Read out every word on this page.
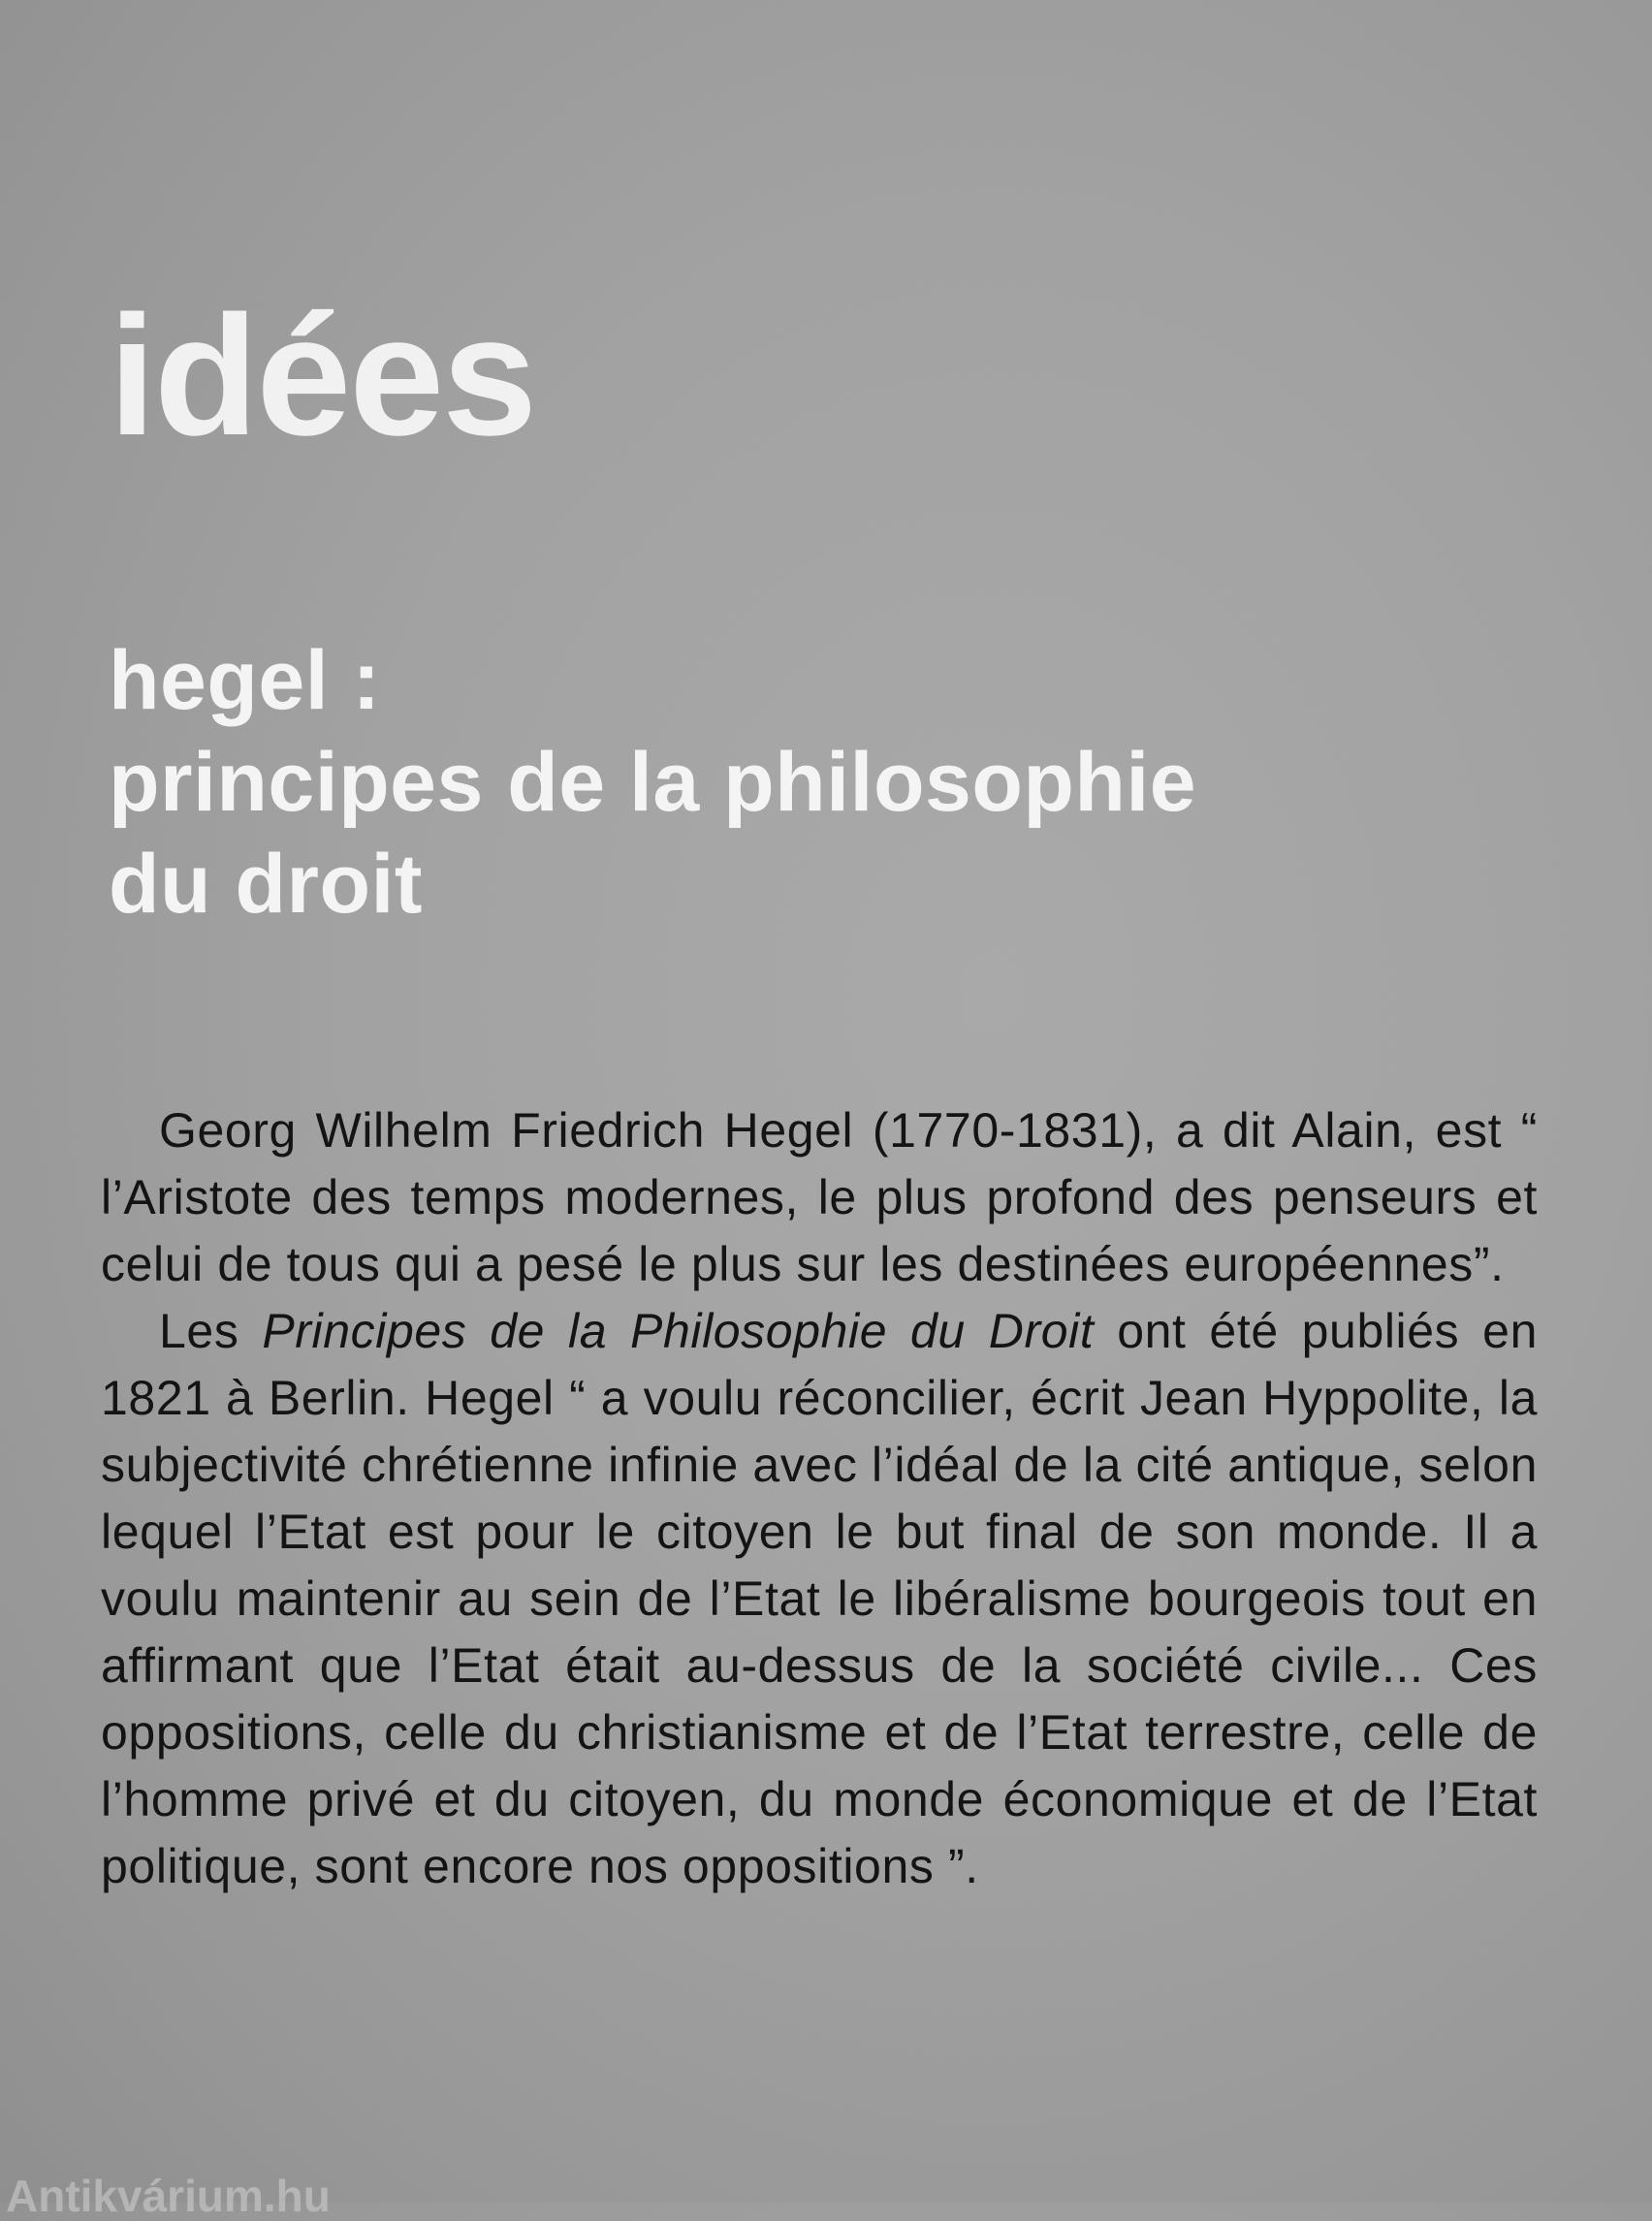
idées
hegel :
principes de la philosophie
du droit

Georg Wilhelm Friedrich Hegel (1770-1831), a dit Alain, est “ l’Aristote des temps modernes, le plus profond des penseurs et celui de tous qui a pesé le plus sur les destinées européennes”.

Les Principes de la Philosophie du Droit ont été publiés en 1821 à Berlin. Hegel “ a voulu réconcilier, écrit Jean Hyppolite, la subjectivité chrétienne infinie avec l’idéal de la cité antique, selon lequel l’Etat est pour le citoyen le but final de son monde. Il a voulu maintenir au sein de l’Etat le libéralisme bourgeois tout en affirmant que l’Etat était au-dessus de la société civile... Ces oppositions, celle du christianisme et de l’Etat terrestre, celle de l’homme privé et du citoyen, du monde économique et de l’Etat politique, sont encore nos oppositions ”.

Antikvárium.hu
